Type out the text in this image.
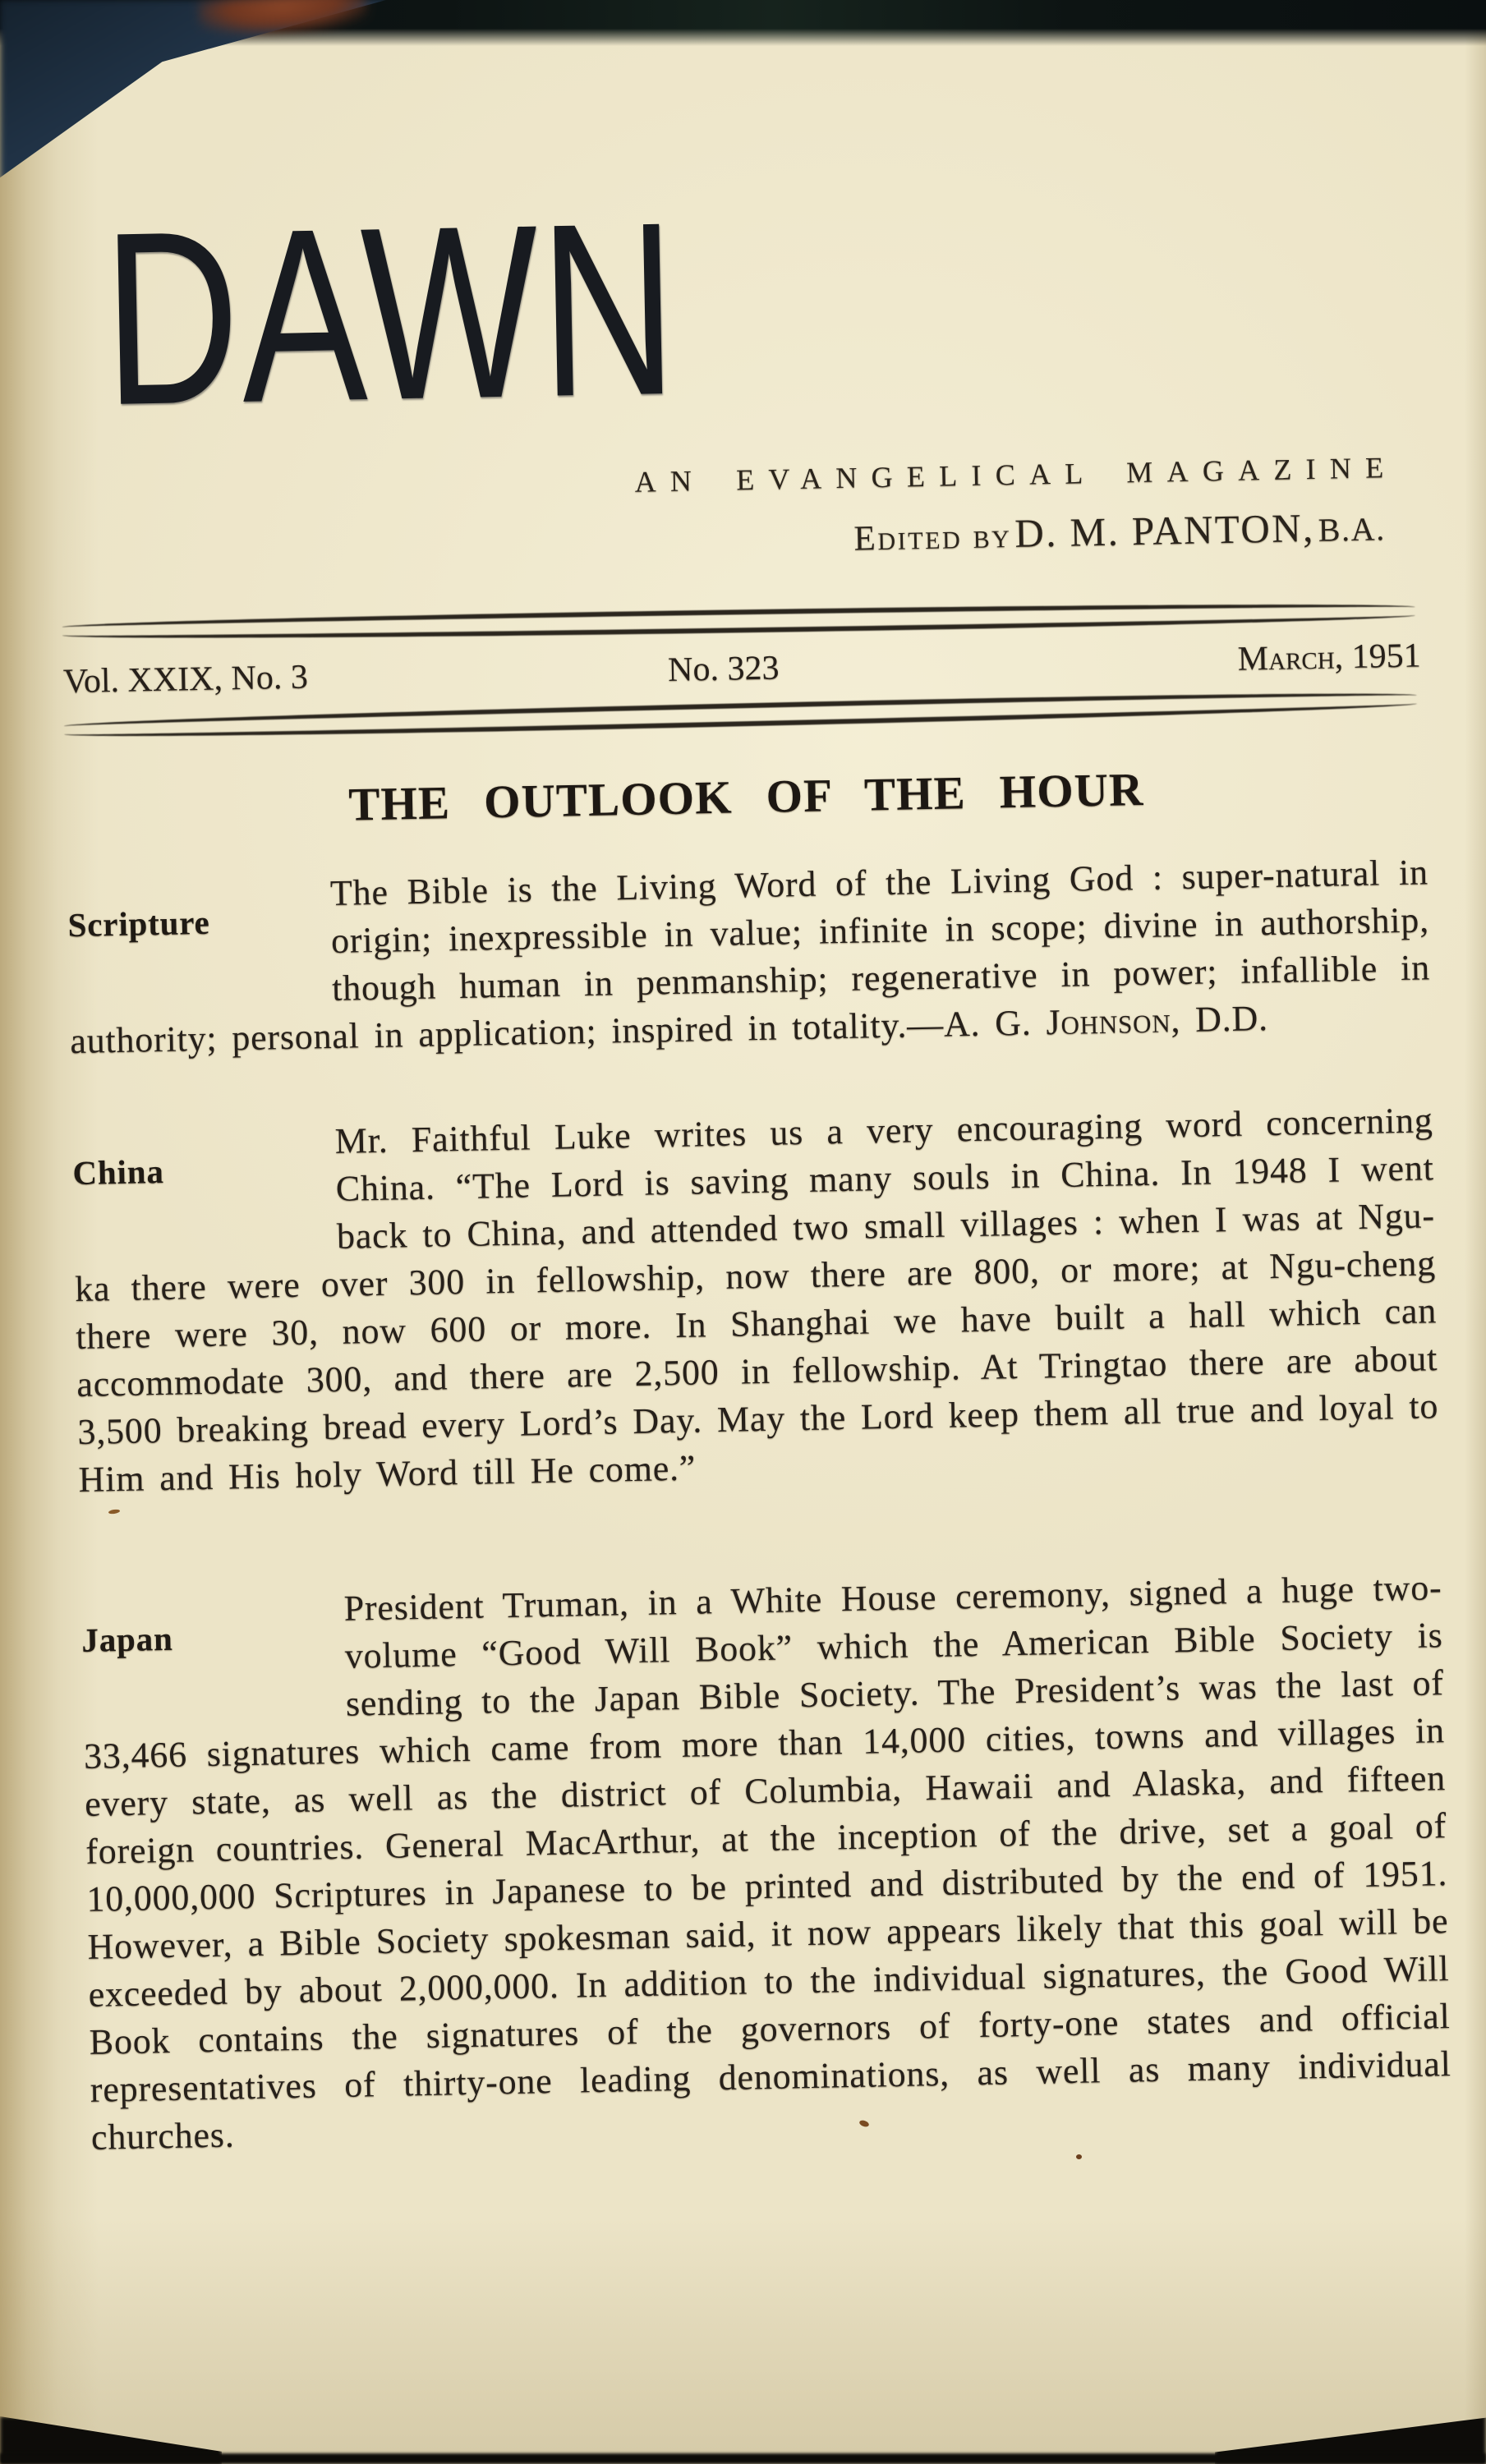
DAWN
AN EVANGELICAL MAGAZINE
Edited by D. M. PANTON, B.A.
Vol. XXIX, No. 3	No. 323	March, 1951
THE OUTLOOK OF THE HOUR
Scripture
The Bible is the Living Word of the Living God : super-natural in origin; inexpressible in value; infinite in scope; divine in authorship, though human in penmanship; regenerative in power; infallible in authority; personal in application; inspired in totality.—A. G. Johnson, D.D.
China
Mr. Faithful Luke writes us a very encouraging word concerning China. “The Lord is saving many souls in China. In 1948 I went back to China, and attended two small villages : when I was at Ngu-ka there were over 300 in fellowship, now there are 800, or more; at Ngu-cheng there were 30, now 600 or more. In Shanghai we have built a hall which can accommodate 300, and there are 2,500 in fellowship. At Tringtao there are about 3,500 breaking bread every Lord’s Day. May the Lord keep them all true and loyal to Him and His holy Word till He come.”
Japan
President Truman, in a White House ceremony, signed a huge two-volume “Good Will Book” which the American Bible Society is sending to the Japan Bible Society. The President’s was the last of 33,466 signatures which came from more than 14,000 cities, towns and villages in every state, as well as the district of Columbia, Hawaii and Alaska, and fifteen foreign countries. General MacArthur, at the inception of the drive, set a goal of 10,000,000 Scriptures in Japanese to be printed and distributed by the end of 1951. However, a Bible Society spokesman said, it now appears likely that this goal will be exceeded by about 2,000,000. In addition to the individual signatures, the Good Will Book contains the signatures of the governors of forty-one states and official representatives of thirty-one leading denominations, as well as many individual churches.
